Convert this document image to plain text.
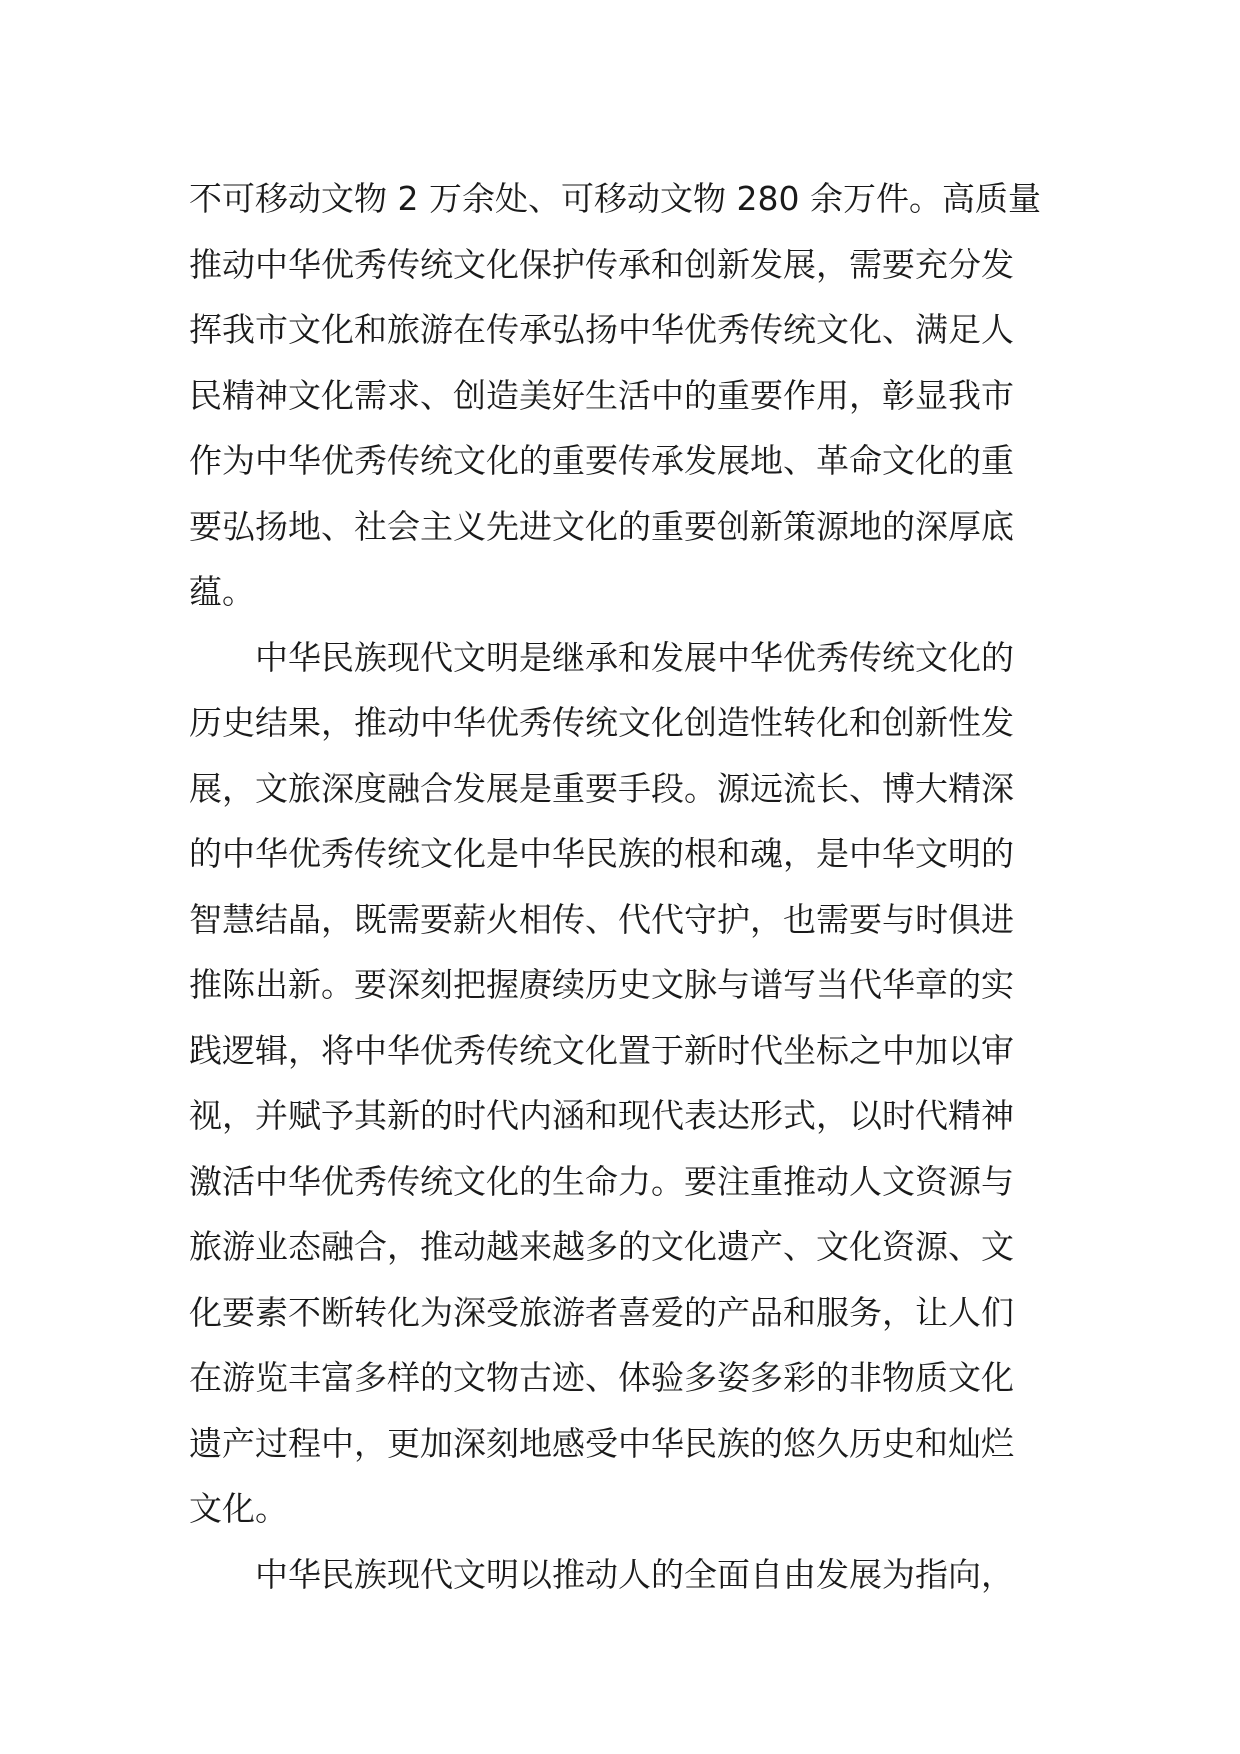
不可移动文物 2 万余处、可移动文物 280 余万件。高质量
推动中华优秀传统文化保护传承和创新发展，需要充分发
挥我市文化和旅游在传承弘扬中华优秀传统文化、满足人
民精神文化需求、创造美好生活中的重要作用，彰显我市
作为中华优秀传统文化的重要传承发展地、革命文化的重
要弘扬地、社会主义先进文化的重要创新策源地的深厚底
蕴。
中华民族现代文明是继承和发展中华优秀传统文化的
历史结果，推动中华优秀传统文化创造性转化和创新性发
展，文旅深度融合发展是重要手段。源远流长、博大精深
的中华优秀传统文化是中华民族的根和魂，是中华文明的
智慧结晶，既需要薪火相传、代代守护，也需要与时俱进
推陈出新。要深刻把握赓续历史文脉与谱写当代华章的实
践逻辑，将中华优秀传统文化置于新时代坐标之中加以审
视，并赋予其新的时代内涵和现代表达形式，以时代精神
激活中华优秀传统文化的生命力。要注重推动人文资源与
旅游业态融合，推动越来越多的文化遗产、文化资源、文
化要素不断转化为深受旅游者喜爱的产品和服务，让人们
在游览丰富多样的文物古迹、体验多姿多彩的非物质文化
遗产过程中，更加深刻地感受中华民族的悠久历史和灿烂
文化。
中华民族现代文明以推动人的全面自由发展为指向，
